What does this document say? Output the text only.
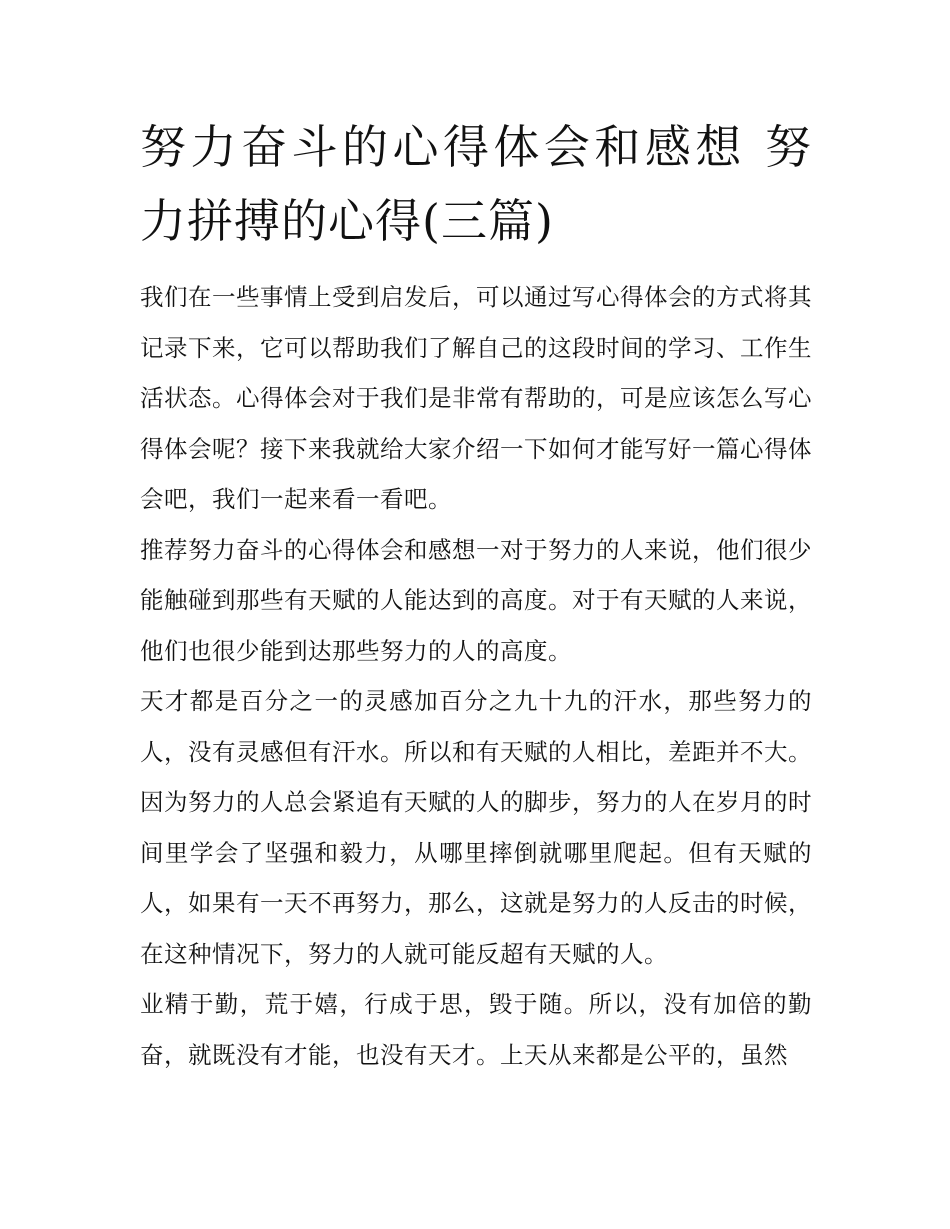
努力奋斗的心得体会和感想 努力拼搏的心得(三篇)

我们在一些事情上受到启发后，可以通过写心得体会的方式将其记录下来，它可以帮助我们了解自己的这段时间的学习、工作生活状态。心得体会对于我们是非常有帮助的，可是应该怎么写心得体会呢？接下来我就给大家介绍一下如何才能写好一篇心得体会吧，我们一起来看一看吧。

推荐努力奋斗的心得体会和感想一对于努力的人来说，他们很少能触碰到那些有天赋的人能达到的高度。对于有天赋的人来说，他们也很少能到达那些努力的人的高度。

天才都是百分之一的灵感加百分之九十九的汗水，那些努力的人，没有灵感但有汗水。所以和有天赋的人相比，差距并不大。因为努力的人总会紧追有天赋的人的脚步，努力的人在岁月的时间里学会了坚强和毅力，从哪里摔倒就哪里爬起。但有天赋的人，如果有一天不再努力，那么，这就是努力的人反击的时候，在这种情况下，努力的人就可能反超有天赋的人。

业精于勤，荒于嬉，行成于思，毁于随。所以，没有加倍的勤奋，就既没有才能，也没有天才。上天从来都是公平的，虽然
